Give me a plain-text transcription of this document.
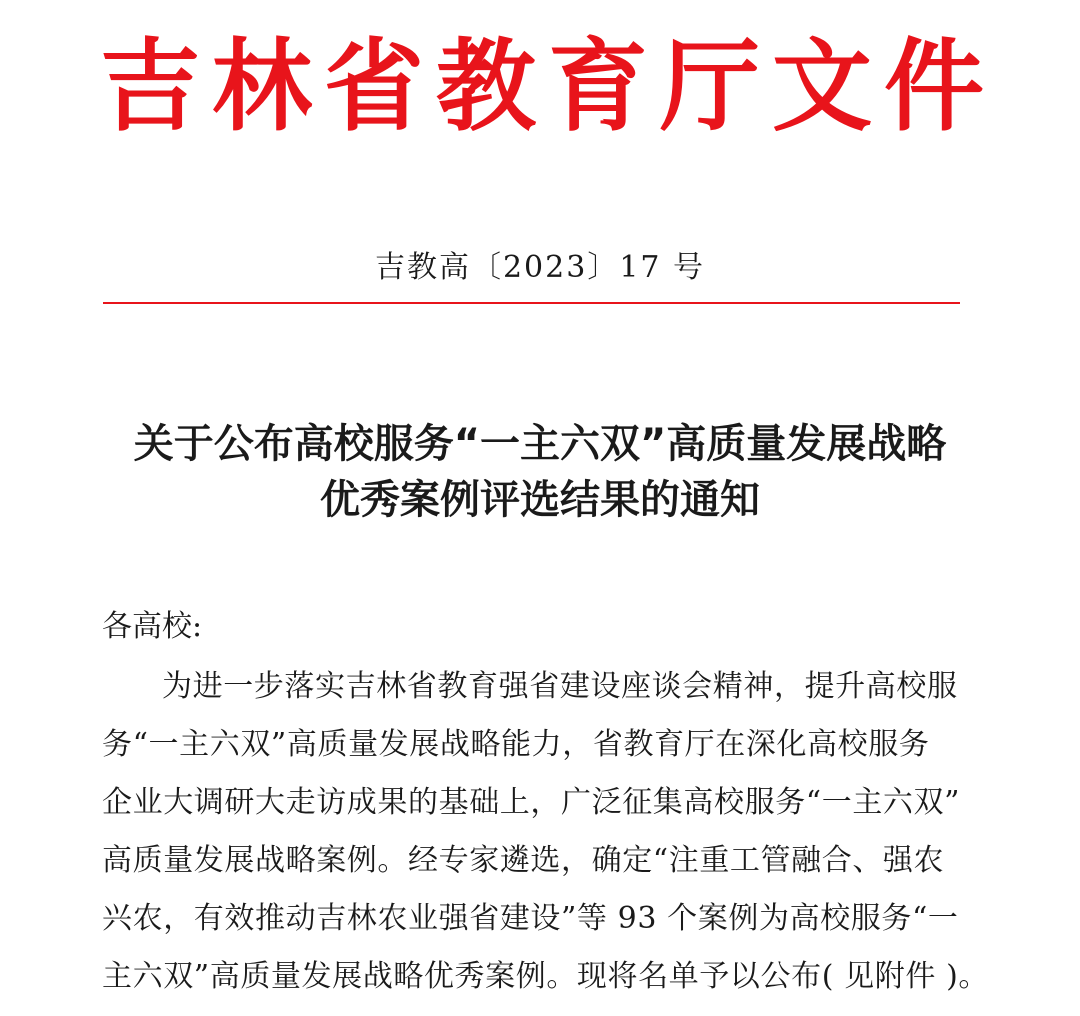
吉林省教育厅文件

吉教高〔2023〕17 号

关于公布高校服务“一主六双”高质量发展战略
优秀案例评选结果的通知

各高校:

为进一步落实吉林省教育强省建设座谈会精神，提升高校服
务“一主六双”高质量发展战略能力，省教育厅在深化高校服务
企业大调研大走访成果的基础上，广泛征集高校服务“一主六双”
高质量发展战略案例。经专家遴选，确定“注重工管融合、强农
兴农，有效推动吉林农业强省建设”等 93 个案例为高校服务“一
主六双”高质量发展战略优秀案例。现将名单予以公布( 见附件 )。
